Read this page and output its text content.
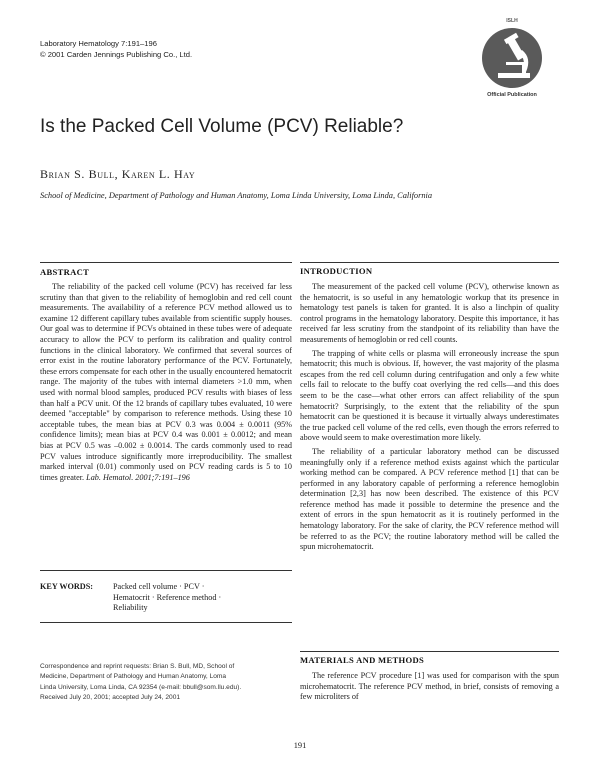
Laboratory Hematology 7:191–196
© 2001 Carden Jennings Publishing Co., Ltd.
ISLH
Official Publication
Is the Packed Cell Volume (PCV) Reliable?
Brian S. Bull, Karen L. Hay
School of Medicine, Department of Pathology and Human Anatomy, Loma Linda University, Loma Linda, California
ABSTRACT

The reliability of the packed cell volume (PCV) has received far less scrutiny than that given to the reliability of hemoglobin and red cell count measurements. The availability of a reference PCV method allowed us to examine 12 different capillary tubes available from scientific supply houses. Our goal was to determine if PCVs obtained in these tubes were of adequate accuracy to allow the PCV to perform its calibration and quality control functions in the clinical laboratory. We confirmed that several sources of error exist in the routine laboratory performance of the PCV. Fortunately, these errors compensate for each other in the usually encountered hematocrit range. The majority of the tubes with internal diameters >1.0 mm, when used with normal blood samples, produced PCV results with biases of less than half a PCV unit. Of the 12 brands of capillary tubes evaluated, 10 were deemed "acceptable" by comparison to reference methods. Using these 10 acceptable tubes, the mean bias at PCV 0.3 was 0.004 ± 0.0011 (95% confidence limits); mean bias at PCV 0.4 was 0.001 ± 0.0012; and mean bias at PCV 0.5 was –0.002 ± 0.0014. The cards commonly used to read PCV values introduce significantly more irreproducibility. The smallest marked interval (0.01) commonly used on PCV reading cards is 5 to 10 times greater. Lab. Hematol. 2001;7:191–196

KEY WORDS: Packed cell volume · PCV ·
Hematocrit · Reference method ·
Reliability
Correspondence and reprint requests: Brian S. Bull, MD, School of
Medicine, Department of Pathology and Human Anatomy, Loma
Linda University, Loma Linda, CA 92354 (e-mail: bbull@som.llu.edu).
Received July 20, 2001; accepted July 24, 2001
INTRODUCTION

The measurement of the packed cell volume (PCV), otherwise known as the hematocrit, is so useful in any hematologic workup that its presence in hematology test panels is taken for granted. It is also a linchpin of quality control programs in the hematology laboratory. Despite this importance, it has received far less scrutiny from the standpoint of its reliability than have the measurements of hemoglobin or red cell counts.

The trapping of white cells or plasma will erroneously increase the spun hematocrit; this much is obvious. If, however, the vast majority of the plasma escapes from the red cell column during centrifugation and only a few white cells fail to relocate to the buffy coat overlying the red cells—and this does seem to be the case—what other errors can affect reliability of the spun hematocrit? Surprisingly, to the extent that the reliability of the spun hematocrit can be questioned it is because it virtually always underestimates the true packed cell volume of the red cells, even though the errors referred to above would seem to make overestimation more likely.

The reliability of a particular laboratory method can be discussed meaningfully only if a reference method exists against which the particular working method can be compared. A PCV reference method [1] that can be performed in any laboratory capable of performing a reference hemoglobin determination [2,3] has now been described. The existence of this PCV reference method has made it possible to determine the presence and the extent of errors in the spun hematocrit as it is routinely performed in the hematology laboratory. For the sake of clarity, the PCV reference method will be referred to as the PCV; the routine laboratory method will be called the spun microhematocrit.

MATERIALS AND METHODS

The reference PCV procedure [1] was used for comparison with the spun microhematocrit. The reference PCV method, in brief, consists of removing a few microliters of

191
